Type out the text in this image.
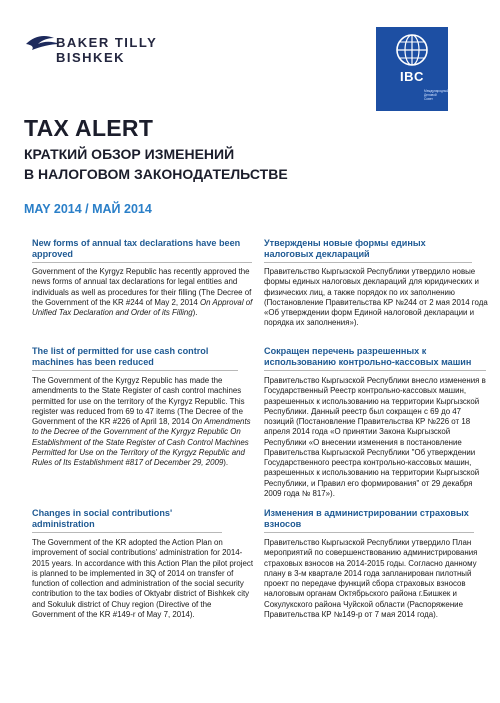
BAKER TILLY
BISHKEK
IBC
Международный Деловой Совет
TAX ALERT
КРАТКИЙ ОБЗОР ИЗМЕНЕНИЙ
В НАЛОГОВОМ ЗАКОНОДАТЕЛЬСТВЕ
MAY 2014 / МАЙ 2014
New forms of annual tax declarations have been approved
Government of the Kyrgyz Republic has recently approved the news forms of annual tax declarations for legal entities and individuals as well as procedures for their filling (The Decree of the Government of the KR #244 of May 2, 2014 On Approval of Unified Tax Declaration and Order of its Filling).
The list of permitted for use cash control machines has been reduced
The Government of the Kyrgyz Republic has made the amendments to the State Register of cash control machines permitted for use on the territory of the Kyrgyz Republic. This register was reduced from 69 to 47 items (The Decree of the Government of the KR #226 of April 18, 2014 On Amendments to the Decree of the Government of the Kyrgyz Republic On Establishment of the State Register of Cash Control Machines Permitted for Use on the Territory of the Kyrgyz Republic and Rules of Its Establishment #817 of December 29, 2009).
Changes in social contributions' administration
The Government of the KR adopted the Action Plan on improvement of social contributions' administration for 2014-2015 years. In accordance with this Action Plan the pilot project is planned to be implemented in 3Q of 2014 on transfer of function of collection and administration of the social security contribution to the tax bodies of Oktyabr district of Bishkek city and Sokuluk district of Chuy region (Directive of the Government of the KR #149-r of May 7, 2014).
Утверждены новые формы единых налоговых деклараций
Правительство Кыргызской Республики утвердило новые формы единых налоговых деклараций для юридических и физических лиц, а также порядок по их заполнению (Постановление Правительства КР №244 от 2 мая 2014 года «Об утверждении форм Единой налоговой декларации и порядка их заполнения»).
Сокращен перечень разрешенных к использованию контрольно-кассовых машин
Правительство Кыргызской Республики внесло изменения в Государственный Реестр контрольно-кассовых машин, разрешенных к использованию на территории Кыргызской Республики. Данный реестр был сокращен с 69 до 47 позиций (Постановление Правительства КР №226 от 18 апреля 2014 года «О принятии Закона Кыргызской Республики «О внесении изменения в постановление Правительства Кыргызской Республики "Об утверждении Государственного реестра контрольно-кассовых машин, разрешенных к использованию на территории Кыргызской Республики, и Правил его формирования" от 29 декабря 2009 года № 817»).
Изменения в администрировании страховых взносов
Правительство Кыргызской Республики утвердило План мероприятий по совершенствованию администрирования страховых взносов на 2014-2015 годы. Согласно данному плану в 3-м квартале 2014 года запланирован пилотный проект по передаче функций сбора страховых взносов налоговым органам Октябрьского района г.Бишкек и Сокулукского района Чуйской области (Распоряжение Правительства КР №149-р от 7 мая 2014 года).
